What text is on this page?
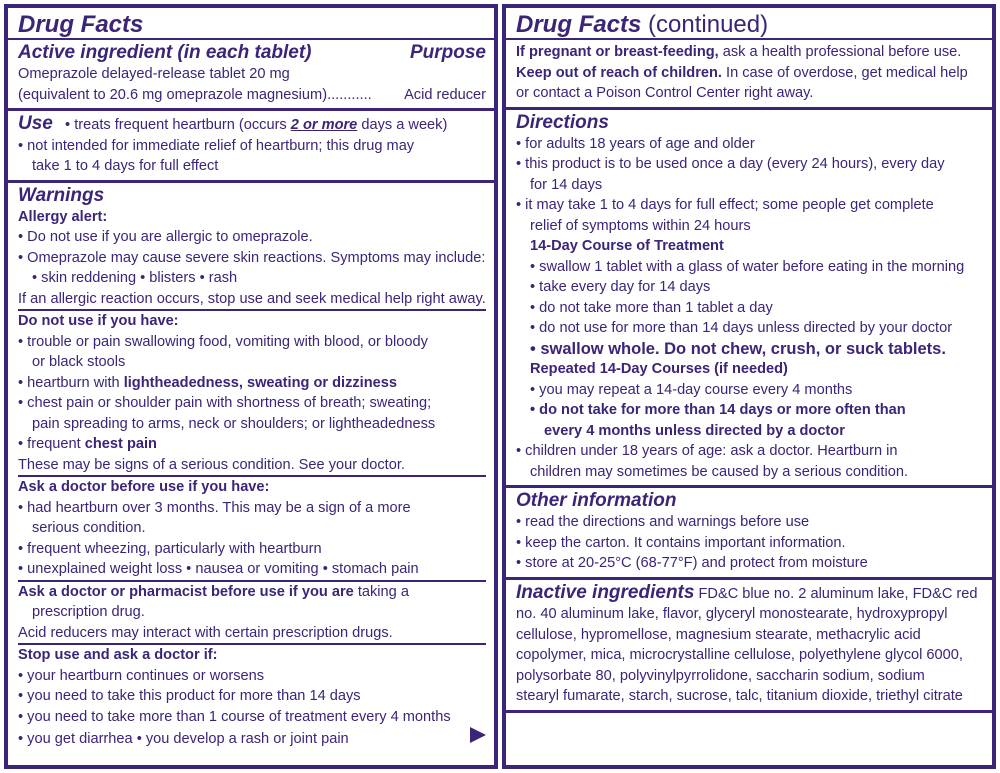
Drug Facts
Active ingredient (in each tablet)	Purpose
Omeprazole delayed-release tablet 20 mg
(equivalent to 20.6 mg omeprazole magnesium)........... Acid reducer
Use • treats frequent heartburn (occurs 2 or more days a week)
• not intended for immediate relief of heartburn; this drug may
take 1 to 4 days for full effect
Warnings
Allergy alert:
• Do not use if you are allergic to omeprazole.
• Omeprazole may cause severe skin reactions. Symptoms may include:
• skin reddening • blisters • rash
If an allergic reaction occurs, stop use and seek medical help right away.
Do not use if you have:
• trouble or pain swallowing food, vomiting with blood, or bloody
or black stools
• heartburn with lightheadedness, sweating or dizziness
• chest pain or shoulder pain with shortness of breath; sweating;
pain spreading to arms, neck or shoulders; or lightheadedness
• frequent chest pain
These may be signs of a serious condition. See your doctor.
Ask a doctor before use if you have:
• had heartburn over 3 months. This may be a sign of a more
serious condition.
• frequent wheezing, particularly with heartburn
• unexplained weight loss • nausea or vomiting • stomach pain
Ask a doctor or pharmacist before use if you are taking a
prescription drug.
Acid reducers may interact with certain prescription drugs.
Stop use and ask a doctor if:
• your heartburn continues or worsens
• you need to take this product for more than 14 days
• you need to take more than 1 course of treatment every 4 months
• you get diarrhea • you develop a rash or joint pain
Drug Facts (continued)
If pregnant or breast-feeding, ask a health professional before use.
Keep out of reach of children. In case of overdose, get medical help
or contact a Poison Control Center right away.
Directions
• for adults 18 years of age and older
• this product is to be used once a day (every 24 hours), every day
for 14 days
• it may take 1 to 4 days for full effect; some people get complete
relief of symptoms within 24 hours
14-Day Course of Treatment
• swallow 1 tablet with a glass of water before eating in the morning
• take every day for 14 days
• do not take more than 1 tablet a day
• do not use for more than 14 days unless directed by your doctor
• swallow whole. Do not chew, crush, or suck tablets.
Repeated 14-Day Courses (if needed)
• you may repeat a 14-day course every 4 months
• do not take for more than 14 days or more often than
every 4 months unless directed by a doctor
• children under 18 years of age: ask a doctor. Heartburn in
children may sometimes be caused by a serious condition.
Other information
• read the directions and warnings before use
• keep the carton. It contains important information.
• store at 20-25°C (68-77°F) and protect from moisture
Inactive ingredients FD&C blue no. 2 aluminum lake, FD&C red
no. 40 aluminum lake, flavor, glyceryl monostearate, hydroxypropyl
cellulose, hypromellose, magnesium stearate, methacrylic acid
copolymer, mica, microcrystalline cellulose, polyethylene glycol 6000,
polysorbate 80, polyvinylpyrrolidone, saccharin sodium, sodium
stearyl fumarate, starch, sucrose, talc, titanium dioxide, triethyl citrate
